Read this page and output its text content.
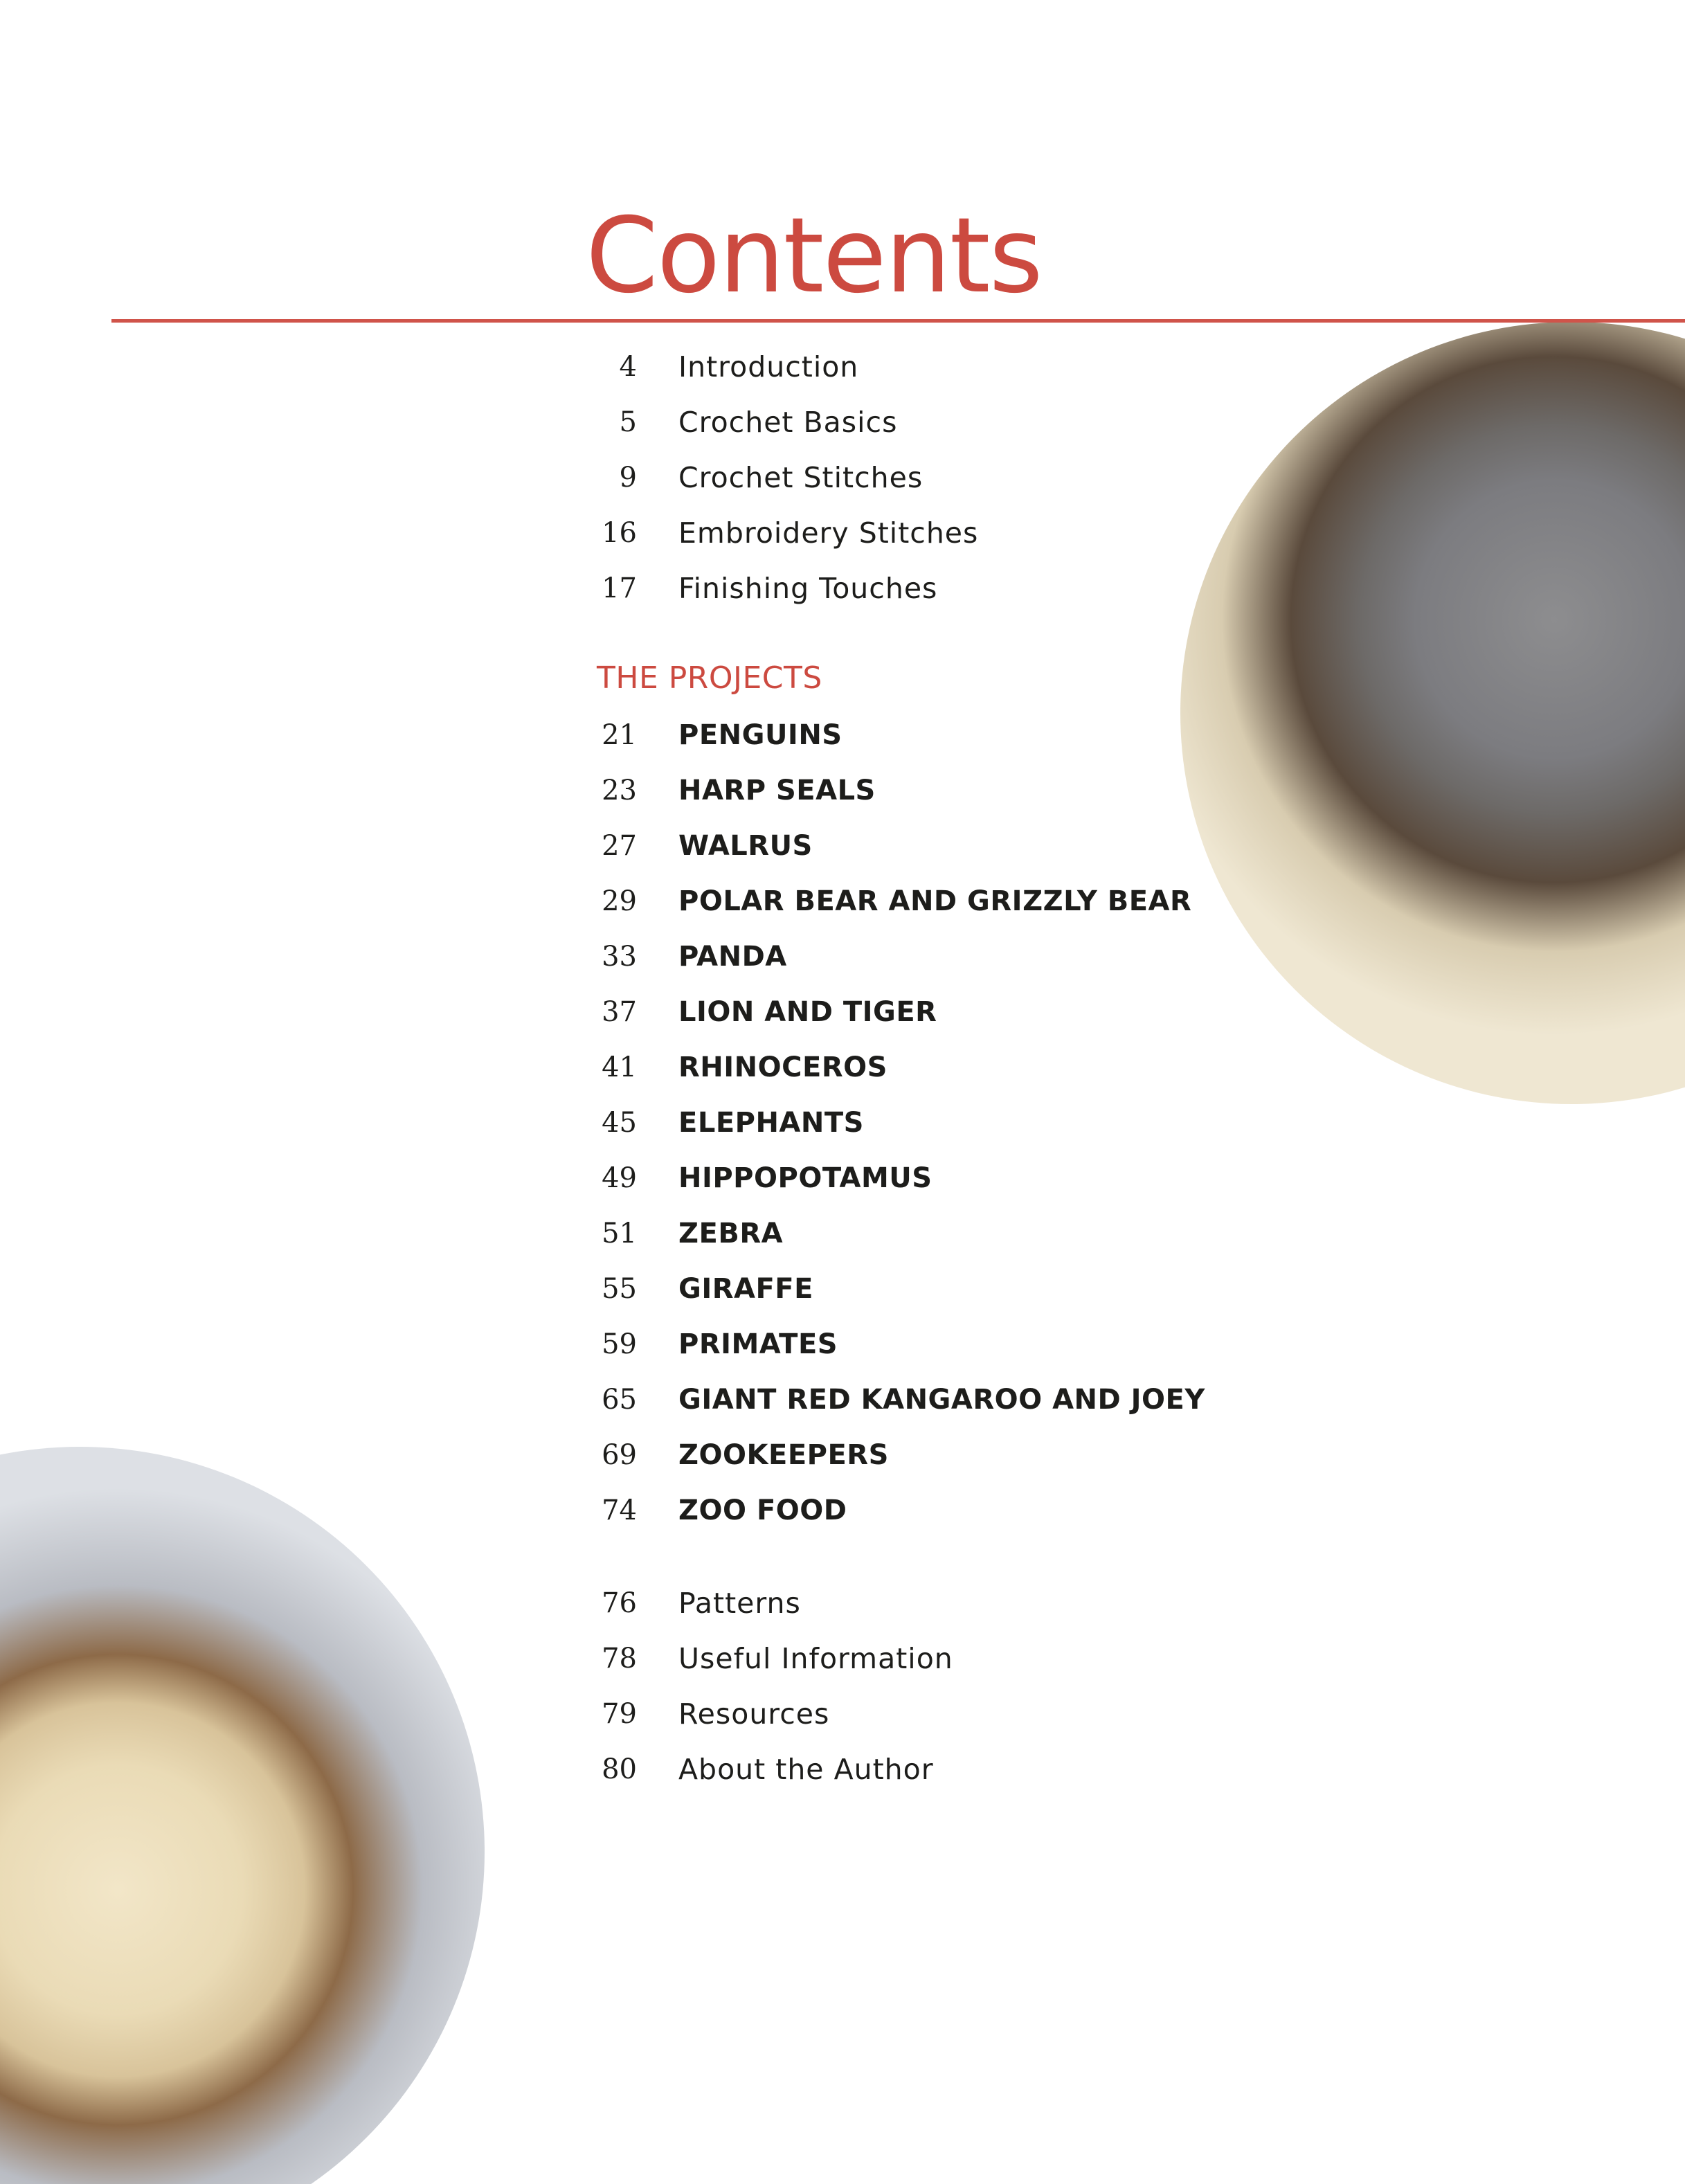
Contents
4 Introduction
5 Crochet Basics
9 Crochet Stitches
16 Embroidery Stitches
17 Finishing Touches
THE PROJECTS
21 PENGUINS
23 HARP SEALS
27 WALRUS
29 POLAR BEAR AND GRIZZLY BEAR
33 PANDA
37 LION AND TIGER
41 RHINOCEROS
45 ELEPHANTS
49 HIPPOPOTAMUS
51 ZEBRA
55 GIRAFFE
59 PRIMATES
65 GIANT RED KANGAROO AND JOEY
69 ZOOKEEPERS
74 ZOO FOOD
76 Patterns
78 Useful Information
79 Resources
80 About the Author
